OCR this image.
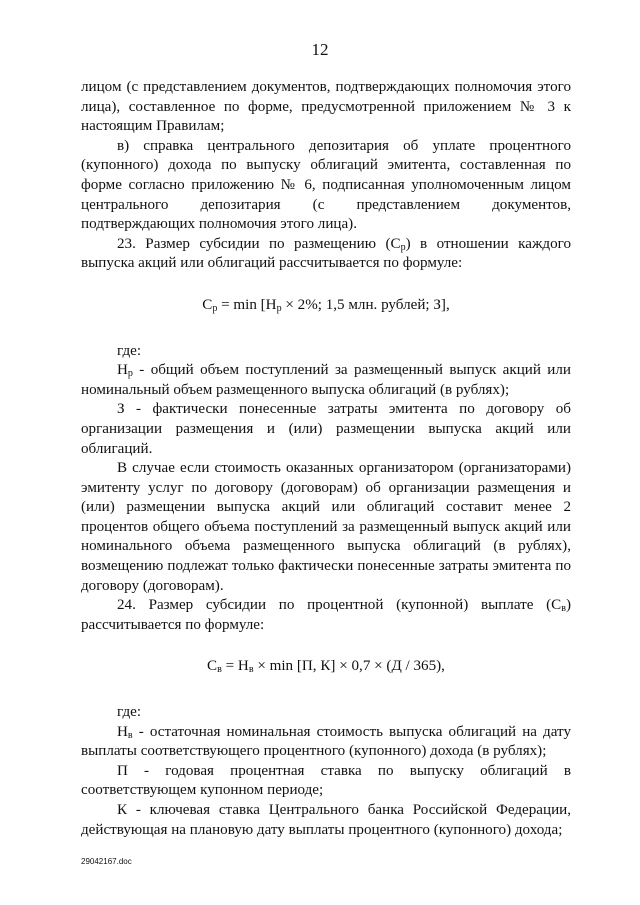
12

лицом (с представлением документов, подтверждающих полномочия этого лица), составленное по форме, предусмотренной приложением № 3 к настоящим Правилам;

в) справка центрального депозитария об уплате процентного (купонного) дохода по выпуску облигаций эмитента, составленная по форме согласно приложению № 6, подписанная уполномоченным лицом центрального депозитария (с представлением документов, подтверждающих полномочия этого лица).

23. Размер субсидии по размещению $(С_р)$ в отношении каждого выпуска акций или облигаций рассчитывается по формуле:

$С_р = \min [Н_р \times 2\%$; 1,5 млн. рублей; З],

где:

$Н_р$ - общий объем поступлений за размещенный выпуск акций или номинальный объем размещенного выпуска облигаций (в рублях);

З - фактически понесенные затраты эмитента по договору об организации размещения и (или) размещении выпуска акций или облигаций.

В случае если стоимость оказанных организатором (организаторами) эмитенту услуг по договору (договорам) об организации размещения и (или) размещении выпуска акций или облигаций составит менее 2 процентов общего объема поступлений за размещенный выпуск акций или номинального объема размещенного выпуска облигаций (в рублях), возмещению подлежат только фактически понесенные затраты эмитента по договору (договорам).

24. Размер субсидии по процентной (купонной) выплате $(С_в)$ рассчитывается по формуле:

$С_в = Н_в \times \min [П$, К] × 0,7 × (Д / 365),

где:

$Н_в$ - остаточная номинальная стоимость выпуска облигаций на дату выплаты соответствующего процентного (купонного) дохода (в рублях);

П - годовая процентная ставка по выпуску облигаций в соответствующем купонном периоде;

К - ключевая ставка Центрального банка Российской Федерации, действующая на плановую дату выплаты процентного (купонного) дохода;

29042167.doc
